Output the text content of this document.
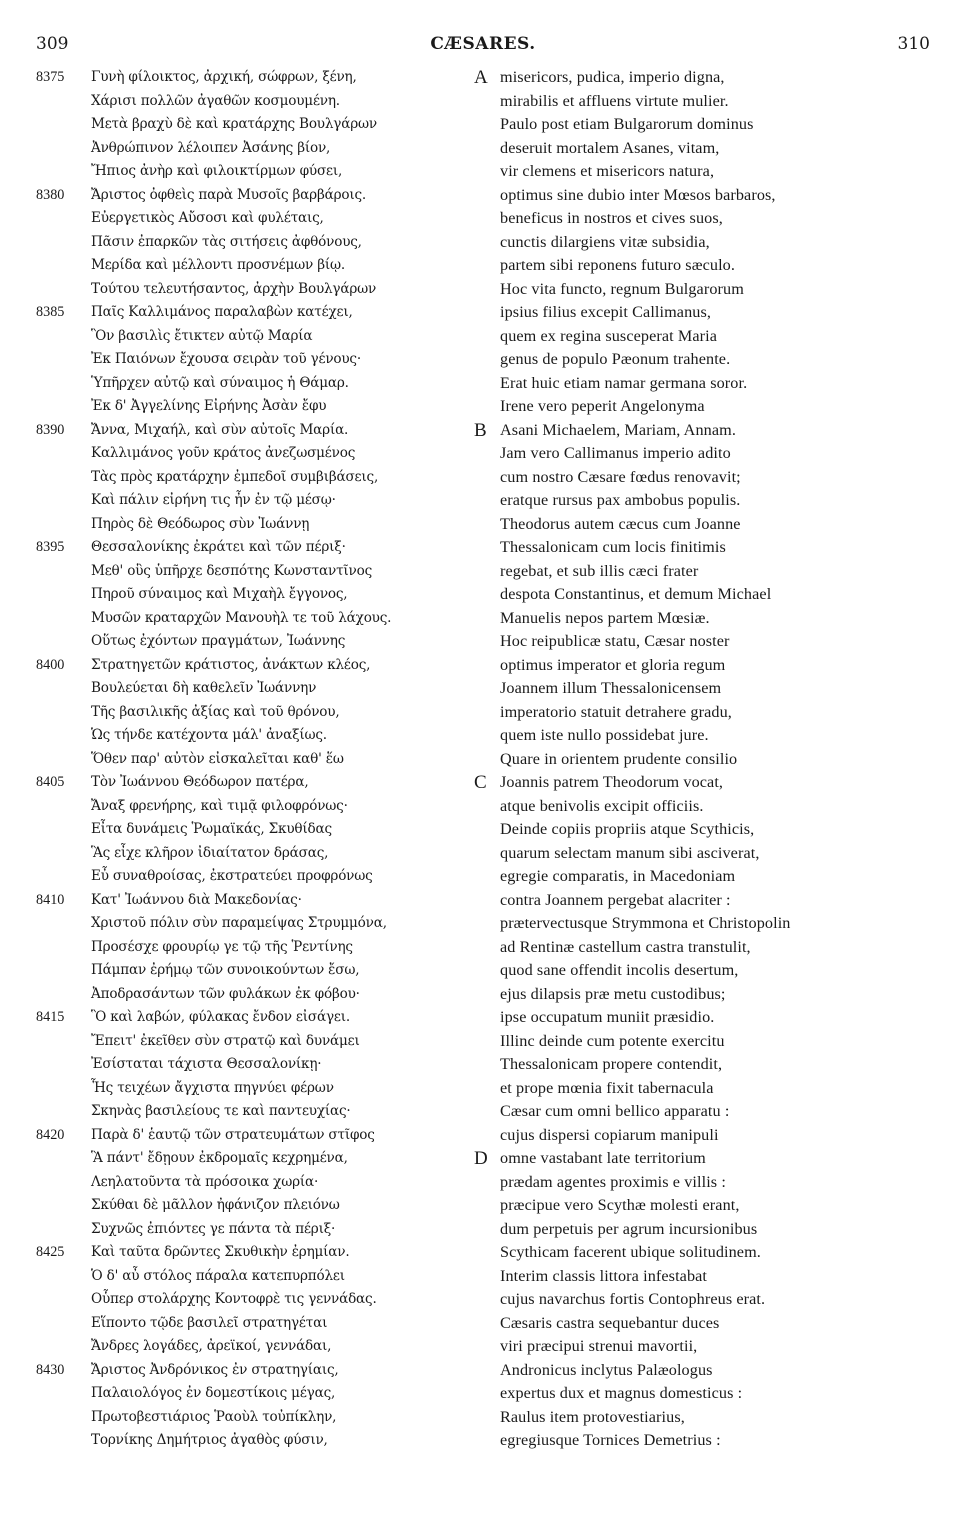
309	CÆSARES.	310
8375	Γυνὴ φίλοικτος, ἀρχική, σώφρων, ξένη,
Χάρισι πολλῶν ἀγαθῶν κοσμουμένη.
Μετὰ βραχὺ δὲ καὶ κρατάρχης Βουλγάρων
Ἀνθρώπινον λέλοιπεν Ἀσάνης βίον,
Ἤπιος ἀνὴρ καὶ φιλοικτίρμων φύσει,
8380	Ἄριστος ὀφθεὶς παρὰ Μυσοῖς βαρβάροις.
Εὐεργετικὸς Αὔσοσι καὶ φυλέταις,
Πᾶσιν ἐπαρκῶν τὰς σιτήσεις ἀφθόνους,
Μερίδα καὶ μέλλοντι προσνέμων βίῳ.
Τούτου τελευτήσαντος, ἀρχὴν Βουλγάρων
8385	Παῖς Καλλιμάνος παραλαβὼν κατέχει,
Ὃν βασιλὶς ἔτικτεν αὐτῷ Μαρία
Ἐκ Παιόνων ἔχουσα σειρὰν τοῦ γένους·
Ὑπῆρχεν αὐτῷ καὶ σύναιμος ἡ Θάμαρ.
Ἐκ δ' Ἀγγελίνης Εἰρήνης Ἀσὰν ἔφυ
8390	Ἄννα, Μιχαήλ, καὶ σὺν αὐτοῖς Μαρία.
Καλλιμάνος γοῦν κράτος ἀνεζωσμένος
Τὰς πρὸς κρατάρχην ἐμπεδοῖ συμβιβάσεις,
Καὶ πάλιν εἰρήνη τις ἦν ἐν τῷ μέσῳ·
Πηρὸς δὲ Θεόδωρος σὺν Ἰωάννῃ
8395	Θεσσαλονίκης ἐκράτει καὶ τῶν πέριξ·
Μεθ' οὓς ὑπῆρχε δεσπότης Κωνσταντῖνος
Πηροῦ σύναιμος καὶ Μιχαὴλ ἔγγονος,
Μυσῶν κραταρχῶν Μανουὴλ τε τοῦ λάχους.
Οὕτως ἐχόντων πραγμάτων, Ἰωάννης
8400	Στρατηγετῶν κράτιστος, ἀνάκτων κλέος,
Βουλεύεται δὴ καθελεῖν Ἰωάννην
Τῆς βασιλικῆς ἀξίας καὶ τοῦ θρόνου,
Ὡς τήνδε κατέχοντα μάλ' ἀναξίως.
Ὅθεν παρ' αὐτὸν εἰσκαλεῖται καθ' ἕω
8405	Τὸν Ἰωάννου Θεόδωρον πατέρα,
Ἄναξ φρενήρης, καὶ τιμᾷ φιλοφρόνως·
Εἶτα δυνάμεις Ῥωμαϊκάς, Σκυθίδας
Ἃς εἶχε κλῆρον ἰδιαίτατον δράσας,
Εὖ συναθροίσας, ἐκστρατεύει προφρόνως
8410	Κατ' Ἰωάννου διὰ Μακεδονίας·
Χριστοῦ πόλιν σὺν παραμείψας Στρυμμόνα,
Προσέσχε φρουρίῳ γε τῷ τῆς Ῥεντίνης
Πάμπαν ἐρήμῳ τῶν συνοικούντων ἔσω,
Ἀποδρασάντων τῶν φυλάκων ἐκ φόβου·
8415	Ὃ καὶ λαβών, φύλακας ἔνδον εἰσάγει.
Ἔπειτ' ἐκεῖθεν σὺν στρατῷ καὶ δυνάμει
Ἐσίσταται τάχιστα Θεσσαλονίκῃ·
Ἧς τειχέων ἄγχιστα πηγνύει φέρων
Σκηνὰς βασιλείους τε καὶ παντευχίας·
8420	Παρὰ δ' ἑαυτῷ τῶν στρατευμάτων στῖφος
Ἃ πάντ' ἔδῃουν ἐκδρομαῖς κεχρημένα,
Λεηλατοῦντα τὰ πρόσοικα χωρία·
Σκύθαι δὲ μᾶλλον ἠφάνιζον πλειόνω
Συχνῶς ἐπιόντες γε πάντα τὰ πέριξ·
8425	Καὶ ταῦτα δρῶντες Σκυθικὴν ἐρημίαν.
Ὁ δ' αὖ στόλος πάραλα κατεπυρπόλει
Οὗπερ στολάρχης Κοντοφρὲ τις γεννάδας.
Εἵποντο τῷδε βασιλεῖ στρατηγέται
Ἄνδρες λογάδες, ἀρεϊκοί, γεννάδαι,
8430	Ἄριστος Ἀνδρόνικος ἐν στρατηγίαις,
Παλαιολόγος ἐν δομεστίκοις μέγας,
Πρωτοβεστιάριος Ῥαοὺλ τοὐπίκλην,
Τορνίκης Δημήτριος ἀγαθὸς φύσιν,
A misericors, pudica, imperio digna,
mirabilis et affluens virtute mulier.
Paulo post etiam Bulgarorum dominus
deseruit mortalem Asanes, vitam,
vir clemens et misericors natura,
optimus sine dubio inter Mœsos barbaros,
beneficus in nostros et cives suos,
cunctis dilargiens vitæ subsidia,
partem sibi reponens futuro sæculo.
Hoc vita functo, regnum Bulgarorum
ipsius filius excepit Callimanus,
quem ex regina susceperat Maria
genus de populo Pæonum trahente.
Erat huic etiam namar germana soror.
Irene vero peperit Angelonyma
B Asani Michaelem, Mariam, Annam.
Jam vero Callimanus imperio adito
cum nostro Cæsare fœdus renovavit;
eratque rursus pax ambobus populis.
Theodorus autem cæcus cum Joanne
Thessalonicam cum locis finitimis
regebat, et sub illis cæci frater
despota Constantinus, et demum Michael
Manuelis nepos partem Mœsiæ.
Hoc reipublicæ statu, Cæsar noster
optimus imperator et gloria regum
Joannem illum Thessalonicensem
imperatorio statuit detrahere gradu,
quem iste nullo possidebat jure.
Quare in orientem prudente consilio
C Joannis patrem Theodorum vocat,
atque benivolis excipit officiis.
Deinde copiis propriis atque Scythicis,
quarum selectam manum sibi asciverat,
egregie comparatis, in Macedoniam
contra Joannem pergebat alacriter :
prætervectusque Strymmona et Christopolin
ad Rentinæ castellum castra transtulit,
quod sane offendit incolis desertum,
ejus dilapsis præ metu custodibus;
ipse occupatum muniit præsidio.
Illinc deinde cum potente exercitu
Thessalonicam propere contendit,
et prope mœnia fixit tabernacula
Cæsar cum omni bellico apparatu :
cujus dispersi copiarum manipuli
D omne vastabant late territorium
prædam agentes proximis e villis :
præcipue vero Scythæ molesti erant,
dum perpetuis per agrum incursionibus
Scythicam facerent ubique solitudinem.
Interim classis littora infestabat
cujus navarchus fortis Contophreus erat.
Cæsaris castra sequebantur duces
viri præcipui strenui mavortii,
Andronicus inclytus Palæologus
expertus dux et magnus domesticus :
Raulus item protovestiarius,
egregiusque Tornices Demetrius :
